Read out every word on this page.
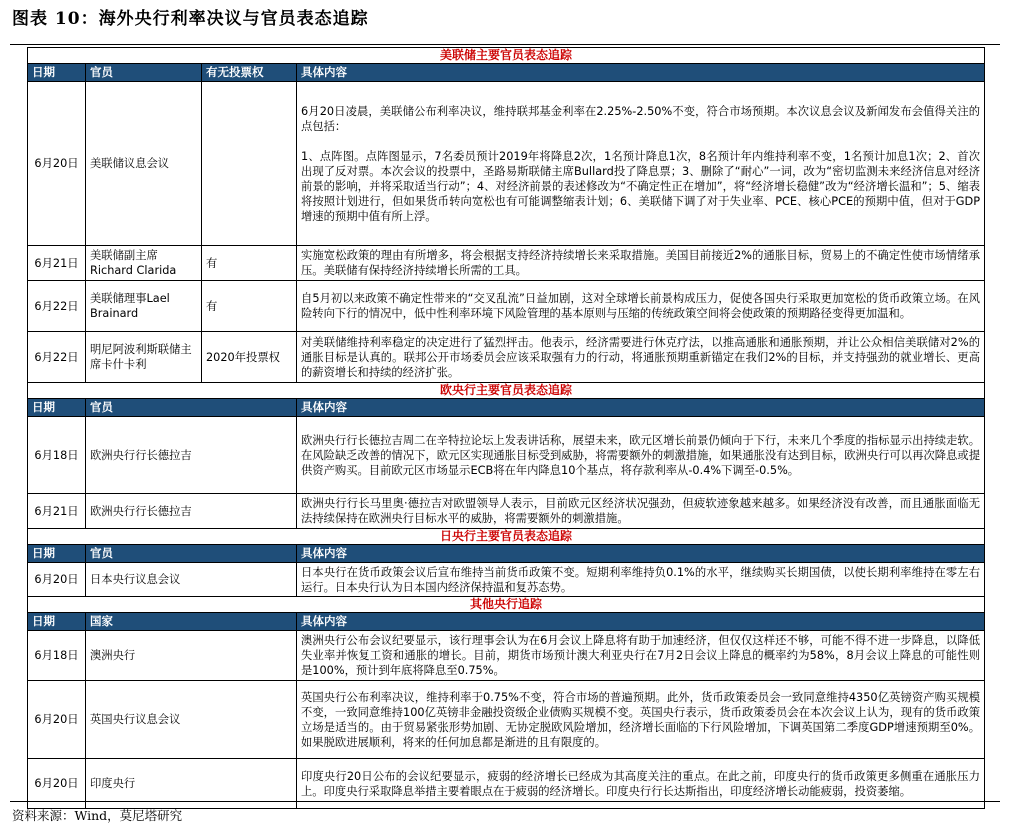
图表 10：海外央行利率决议与官员表态追踪
美联储主要官员表态追踪			
日期	官员	有无投票权	具体内容
6月20日	美联储议息会议		6月20日凌晨，美联储公布利率决议，维持联邦基金利率在2.25%-2.50%不变，符合市场预期。本次议息会议及新闻发布会值得关注的点包括：

1、点阵图。点阵图显示，7名委员预计2019年将降息2次，1名预计降息1次，8名预计年内维持利率不变，1名预计加息1次；2、首次出现了反对票。本次会议的投票中，圣路易斯联储主席Bullard投了降息票；3、删除了“耐心”一词，改为“密切监测未来经济信息对经济前景的影响，并将采取适当行动”；4、对经济前景的表述修改为“不确定性正在增加”，将“经济增长稳健”改为“经济增长温和”；5、缩表将按照计划进行，但如果货币转向宽松也有可能调整缩表计划；6、美联储下调了对于失业率、PCE、核心PCE的预期中值，但对于GDP增速的预期中值有所上浮。
6月21日	美联储副主席Richard Clarida	有	实施宽松政策的理由有所增多，将会根据支持经济持续增长来采取措施。美国目前接近2%的通胀目标，贸易上的不确定性使市场情绪承压。美联储有保持经济持续增长所需的工具。
6月22日	美联储理事Lael Brainard	有	自5月初以来政策不确定性带来的“交叉乱流”日益加剧，这对全球增长前景构成压力，促使各国央行采取更加宽松的货币政策立场。在风险转向下行的情况中，低中性利率环境下风险管理的基本原则与压缩的传统政策空间将会使政策的预期路径变得更加温和。
6月22日	明尼阿波利斯联储主席卡什卡利	2020年投票权	对美联储维持利率稳定的决定进行了猛烈抨击。他表示，经济需要进行休克疗法，以推高通胀和通胀预期，并让公众相信美联储对2%的通胀目标是认真的。联邦公开市场委员会应该采取强有力的行动，将通胀预期重新锚定在我们2%的目标，并支持强劲的就业增长、更高的薪资增长和持续的经济扩张。
欧央行主要官员表态追踪			
日期	官员		具体内容
6月18日	欧洲央行行长德拉吉		欧洲央行行长德拉吉周二在辛特拉论坛上发表讲话称，展望未来，欧元区增长前景仍倾向于下行，未来几个季度的指标显示出持续走软。在风险缺乏改善的情况下，欧元区实现通胀目标受到威胁，将需要额外的刺激措施，如果通胀没有达到目标，欧洲央行可以再次降息或提供资产购买。目前欧元区市场显示ECB将在年内降息10个基点，将存款利率从-0.4%下调至-0.5%。
6月21日	欧洲央行行长德拉吉		欧洲央行行长马里奥·德拉吉对欧盟领导人表示，目前欧元区经济状况强劲，但疲软迹象越来越多。如果经济没有改善，而且通胀面临无法持续保持在欧洲央行目标水平的威胁，将需要额外的刺激措施。
日央行主要官员表态追踪			
日期	官员		具体内容
6月20日	日本央行议息会议		日本央行在货币政策会议后宣布维持当前货币政策不变。短期利率维持负0.1%的水平，继续购买长期国债，以使长期利率维持在零左右运行。日本央行认为日本国内经济保持温和复苏态势。
其他央行追踪			
日期	国家		具体内容
6月18日	澳洲央行		澳洲央行公布会议纪要显示，该行理事会认为在6月会议上降息将有助于加速经济，但仅仅这样还不够，可能不得不进一步降息，以降低失业率并恢复工资和通胀的增长。目前，期货市场预计澳大利亚央行在7月2日会议上降息的概率约为58%，8月会议上降息的可能性则是100%，预计到年底将降息至0.75%。
6月20日	英国央行议息会议		英国央行公布利率决议，维持利率于0.75%不变，符合市场的普遍预期。此外，货币政策委员会一致同意维持4350亿英镑资产购买规模不变，一致同意维持100亿英镑非金融投资级企业债购买规模不变。英国央行表示，货币政策委员会在本次会议上认为，现有的货币政策立场是适当的。由于贸易紧张形势加剧、无协定脱欧风险增加，经济增长面临的下行风险增加，下调英国第二季度GDP增速预期至0%。如果脱欧进展顺利，将来的任何加息都是渐进的且有限度的。
6月20日	印度央行		印度央行20日公布的会议纪要显示，疲弱的经济增长已经成为其高度关注的重点。在此之前，印度央行的货币政策更多侧重在通胀压力上。印度央行采取降息举措主要着眼点在于疲弱的经济增长。印度央行行长达斯指出，印度经济增长动能疲弱，投资萎缩。
资料来源：Wind，莫尼塔研究
